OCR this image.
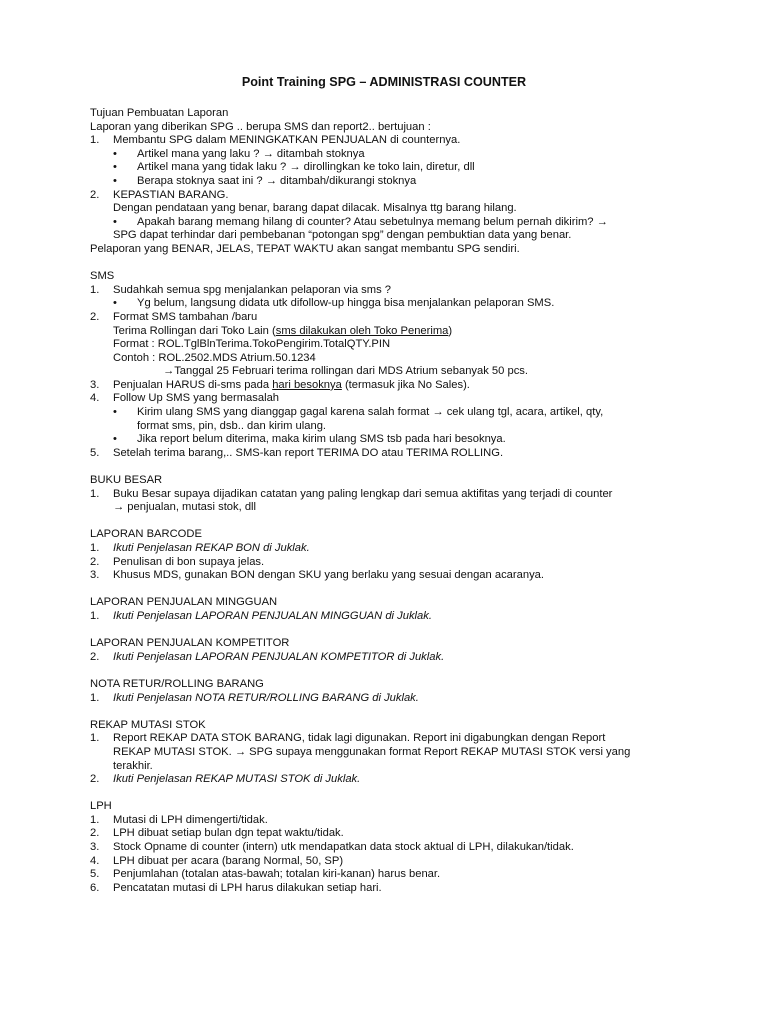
Point Training SPG – ADMINISTRASI COUNTER
Tujuan Pembuatan Laporan
Laporan yang diberikan SPG .. berupa SMS dan report2.. bertujuan :
1. Membantu SPG dalam MENINGKATKAN PENJUALAN di counternya.
•	Artikel mana yang laku ? → ditambah stoknya
•	Artikel mana yang tidak laku ? → dirollingkan ke toko lain, diretur, dll
•	Berapa stoknya saat ini ? → ditambah/dikurangi stoknya
2. KEPASTIAN BARANG.
Dengan pendataan yang benar, barang dapat dilacak. Misalnya ttg barang hilang.
•	Apakah barang memang hilang di counter? Atau sebetulnya memang belum pernah dikirim? →
SPG dapat terhindar dari pembebanan “potongan spg” dengan pembuktian data yang benar.
Pelaporan yang BENAR, JELAS, TEPAT WAKTU akan sangat membantu SPG sendiri.
SMS
1. Sudahkah semua spg menjalankan pelaporan via sms ?
•	Yg belum, langsung didata utk difollow-up hingga bisa menjalankan pelaporan SMS.
2. Format SMS tambahan /baru
Terima Rollingan dari Toko Lain (sms dilakukan oleh Toko Penerima)
Format : ROL.TglBlnTerima.TokoPengirim.TotalQTY.PIN
Contoh : ROL.2502.MDS Atrium.50.1234
→Tanggal 25 Februari terima rollingan dari MDS Atrium sebanyak 50 pcs.
3. Penjualan HARUS di-sms pada hari besoknya (termasuk jika No Sales).
4. Follow Up SMS yang bermasalah
•	Kirim ulang SMS yang dianggap gagal karena salah format → cek ulang tgl, acara, artikel, qty,
format sms, pin, dsb.. dan kirim ulang.
•	Jika report belum diterima, maka kirim ulang SMS tsb pada hari besoknya.
5. Setelah terima barang,.. SMS-kan report TERIMA DO atau TERIMA ROLLING.
BUKU BESAR
1. Buku Besar supaya dijadikan catatan yang paling lengkap dari semua aktifitas yang terjadi di counter
→ penjualan, mutasi stok, dll
LAPORAN BARCODE
1. Ikuti Penjelasan REKAP BON di Juklak.
2. Penulisan di bon supaya jelas.
3. Khusus MDS, gunakan BON dengan SKU yang berlaku yang sesuai dengan acaranya.
LAPORAN PENJUALAN MINGGUAN
1. Ikuti Penjelasan LAPORAN PENJUALAN MINGGUAN di Juklak.
LAPORAN PENJUALAN KOMPETITOR
2. Ikuti Penjelasan LAPORAN PENJUALAN KOMPETITOR di Juklak.
NOTA RETUR/ROLLING BARANG
1. Ikuti Penjelasan NOTA RETUR/ROLLING BARANG di Juklak.
REKAP MUTASI STOK
1. Report REKAP DATA STOK BARANG, tidak lagi digunakan. Report ini digabungkan dengan Report
REKAP MUTASI STOK. → SPG supaya menggunakan format Report REKAP MUTASI STOK versi yang
terakhir.
2. Ikuti Penjelasan REKAP MUTASI STOK di Juklak.
LPH
1. Mutasi di LPH dimengerti/tidak.
2. LPH dibuat setiap bulan dgn tepat waktu/tidak.
3. Stock Opname di counter (intern) utk mendapatkan data stock aktual di LPH, dilakukan/tidak.
4. LPH dibuat per acara (barang Normal, 50, SP)
5. Penjumlahan (totalan atas-bawah; totalan kiri-kanan) harus benar.
6. Pencatatan mutasi di LPH harus dilakukan setiap hari.
